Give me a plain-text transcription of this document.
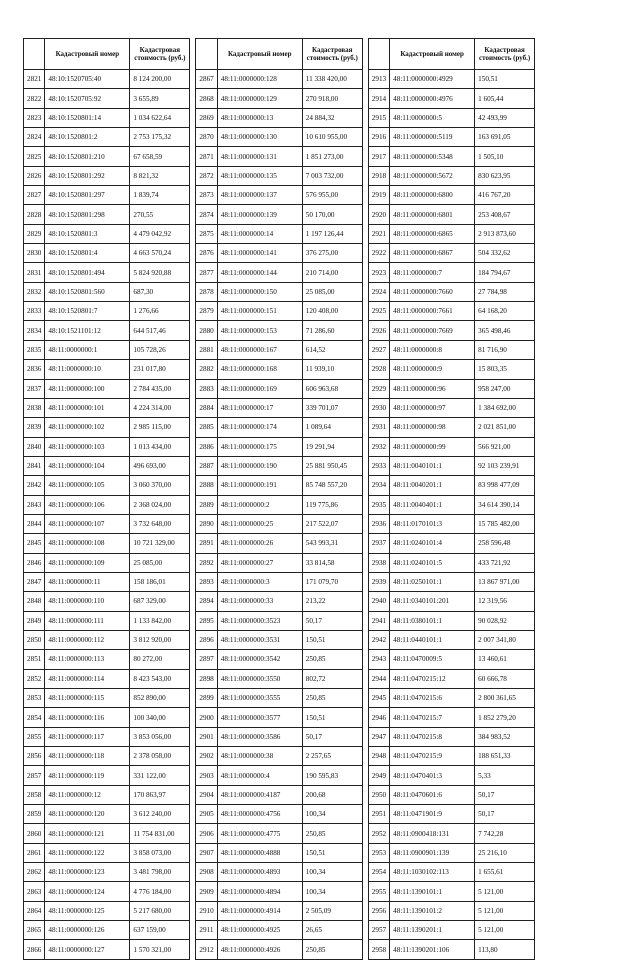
	Кадастровый номер	Кадастровая стоимость (руб.)
2821	48:10:1520705:40	8 124 200,00
2822	48:10:1520705:92	3 655,89
2823	48:10:1520801:14	1 034 622,64
2824	48:10:1520801:2	2 753 175,32
2825	48:10:1520801:210	67 658,59
2826	48:10:1520801:292	8 821,32
2827	48:10:1520801:297	1 839,74
2828	48:10:1520801:298	270,55
2829	48:10:1520801:3	4 479 042,92
2830	48:10:1520801:4	4 663 570,24
2831	48:10:1520801:494	5 824 920,88
2832	48:10:1520801:560	687,30
2833	48:10:1520801:7	1 276,66
2834	48:10:1521101:12	644 517,46
2835	48:11:0000000:1	105 728,26
2836	48:11:0000000:10	231 017,80
2837	48:11:0000000:100	2 784 435,00
2838	48:11:0000000:101	4 224 314,00
2839	48:11:0000000:102	2 985 115,00
2840	48:11:0000000:103	1 013 434,00
2841	48:11:0000000:104	496 693,00
2842	48:11:0000000:105	3 060 370,00
2843	48:11:0000000:106	2 368 024,00
2844	48:11:0000000:107	3 732 648,00
2845	48:11:0000000:108	10 721 329,00
2846	48:11:0000000:109	25 085,00
2847	48:11:0000000:11	158 186,01
2848	48:11:0000000:110	687 329,00
2849	48:11:0000000:111	1 133 842,00
2850	48:11:0000000:112	3 812 920,00
2851	48:11:0000000:113	80 272,00
2852	48:11:0000000:114	8 423 543,00
2853	48:11:0000000:115	852 890,00
2854	48:11:0000000:116	100 340,00
2855	48:11:0000000:117	3 853 056,00
2856	48:11:0000000:118	2 378 058,00
2857	48:11:0000000:119	331 122,00
2858	48:11:0000000:12	170 863,97
2859	48:11:0000000:120	3 612 240,00
2860	48:11:0000000:121	11 754 831,00
2861	48:11:0000000:122	3 858 073,00
2862	48:11:0000000:123	3 481 798,00
2863	48:11:0000000:124	4 776 184,00
2864	48:11:0000000:125	5 217 680,00
2865	48:11:0000000:126	637 159,00
2866	48:11:0000000:127	1 570 321,00
	Кадастровый номер	Кадастровая стоимость (руб.)
2867	48:11:0000000:128	11 338 420,00
2868	48:11:0000000:129	270 918,00
2869	48:11:0000000:13	24 884,32
2870	48:11:0000000:130	10 610 955,00
2871	48:11:0000000:131	1 851 273,00
2872	48:11:0000000:135	7 003 732,00
2873	48:11:0000000:137	576 955,00
2874	48:11:0000000:139	50 170,00
2875	48:11:0000000:14	1 197 126,44
2876	48:11:0000000:141	376 275,00
2877	48:11:0000000:144	210 714,00
2878	48:11:0000000:150	25 085,00
2879	48:11:0000000:151	120 408,00
2880	48:11:0000000:153	71 286,60
2881	48:11:0000000:167	614,52
2882	48:11:0000000:168	11 939,10
2883	48:11:0000000:169	606 963,68
2884	48:11:0000000:17	339 701,07
2885	48:11:0000000:174	1 089,64
2886	48:11:0000000:175	19 291,94
2887	48:11:0000000:190	25 881 950,45
2888	48:11:0000000:191	85 748 557,20
2889	48:11:0000000:2	119 775,86
2890	48:11:0000000:25	217 522,07
2891	48:11:0000000:26	543 993,31
2892	48:11:0000000:27	33 814,58
2893	48:11:0000000:3	171 079,70
2894	48:11:0000000:33	213,22
2895	48:11:0000000:3523	50,17
2896	48:11:0000000:3531	150,51
2897	48:11:0000000:3542	250,85
2898	48:11:0000000:3550	802,72
2899	48:11:0000000:3555	250,85
2900	48:11:0000000:3577	150,51
2901	48:11:0000000:3586	50,17
2902	48:11:0000000:38	2 257,65
2903	48:11:0000000:4	190 595,83
2904	48:11:0000000:4187	200,68
2905	48:11:0000000:4756	100,34
2906	48:11:0000000:4775	250,85
2907	48:11:0000000:4888	150,51
2908	48:11:0000000:4893	100,34
2909	48:11:0000000:4894	100,34
2910	48:11:0000000:4914	2 505,09
2911	48:11:0000000:4925	26,65
2912	48:11:0000000:4926	250,85
	Кадастровый номер	Кадастровая стоимость (руб.)
2913	48:11:0000000:4929	150,51
2914	48:11:0000000:4976	1 605,44
2915	48:11:0000000:5	42 493,99
2916	48:11:0000000:5119	163 691,05
2917	48:11:0000000:5348	1 505,10
2918	48:11:0000000:5672	830 623,95
2919	48:11:0000000:6800	416 767,20
2920	48:11:0000000:6801	253 408,67
2921	48:11:0000000:6865	2 913 873,60
2922	48:11:0000000:6867	504 332,62
2923	48:11:0000000:7	184 794,67
2924	48:11:0000000:7660	27 784,98
2925	48:11:0000000:7661	64 168,20
2926	48:11:0000000:7669	365 498,46
2927	48:11:0000000:8	81 716,90
2928	48:11:0000000:9	15 803,35
2929	48:11:0000000:96	958 247,00
2930	48:11:0000000:97	1 384 692,00
2931	48:11:0000000:98	2 021 851,00
2932	48:11:0000000:99	566 921,00
2933	48:11:0040101:1	92 103 239,91
2934	48:11:0040201:1	83 998 477,09
2935	48:11:0040401:1	34 614 390,14
2936	48:11:0170101:3	15 785 482,00
2937	48:11:0240101:4	258 596,48
2938	48:11:0240101:5	433 721,92
2939	48:11:0250101:1	13 867 971,00
2940	48:11:0340101:201	12 319,56
2941	48:11:0380101:1	90 028,92
2942	48:11:0440101:1	2 007 341,80
2943	48:11:0470009:5	13 460,61
2944	48:11:0470215:12	60 666,78
2945	48:11:0470215:6	2 800 361,65
2946	48:11:0470215:7	1 852 279,20
2947	48:11:0470215:8	384 983,52
2948	48:11:0470215:9	188 651,33
2949	48:11:0470401:3	5,33
2950	48:11:0470601:6	50,17
2951	48:11:0471901:9	50,17
2952	48:11:0900418:131	7 742,28
2953	48:11:0900901:139	25 216,10
2954	48:11:1030102:113	1 655,61
2955	48:11:1390101:1	5 121,00
2956	48:11:1390101:2	5 121,00
2957	48:11:1390201:1	5 121,00
2958	48:11:1390201:106	113,80
